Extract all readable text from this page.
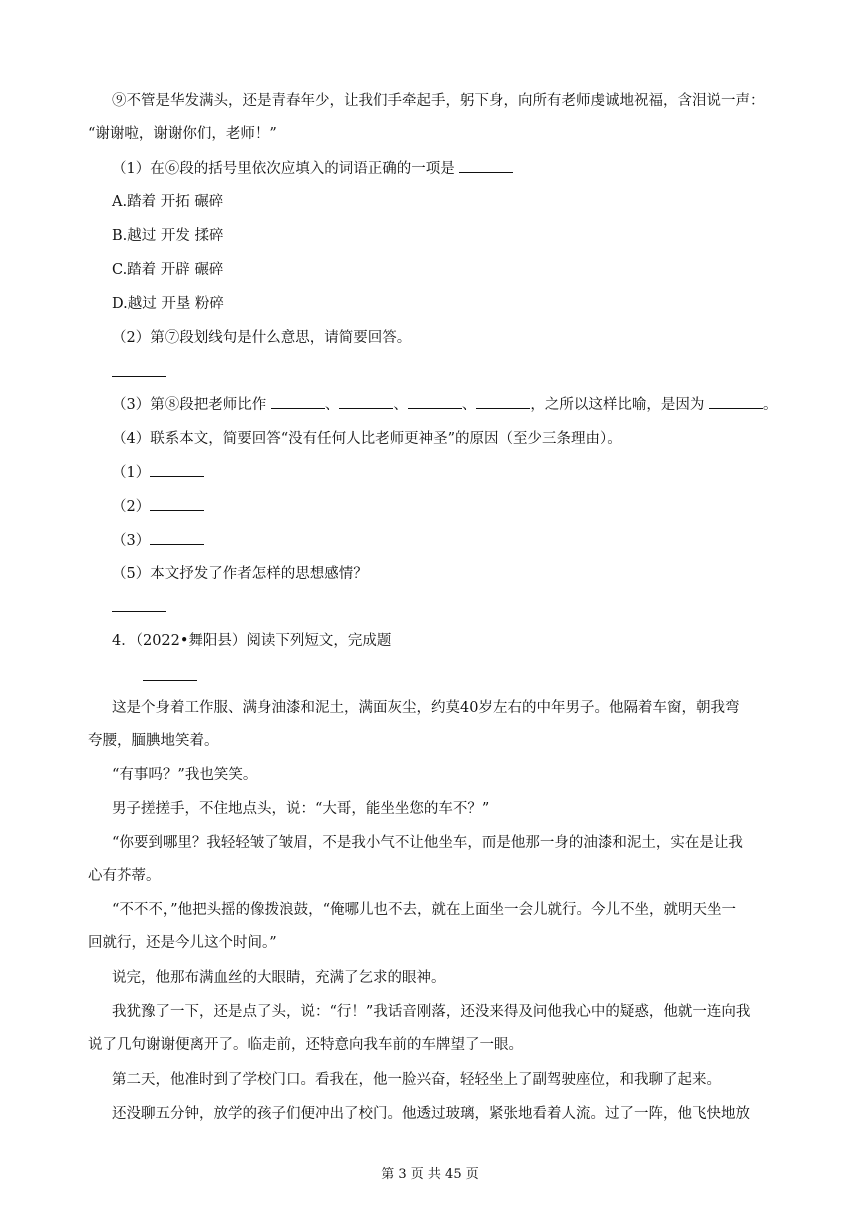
⑨不管是华发满头，还是青春年少，让我们手牵起手，躬下身，向所有老师虔诚地祝福，含泪说一声：
“谢谢啦，谢谢你们，老师！”
（1）在⑥段的括号里依次应填入的词语正确的一项是
A.踏着 开拓 碾碎
B.越过 开发 揉碎
C.踏着 开辟 碾碎
D.越过 开垦 粉碎
（2）第⑦段划线句是什么意思，请简要回答。
（3）第⑧段把老师比作	、	、	、	，之所以这样比喻，是因为	。
（4）联系本文，简要回答“没有任何人比老师更神圣”的原因（至少三条理由）。
（1）
（2）
（3）
（5）本文抒发了作者怎样的思想感情？
4．（2022•舞阳县）阅读下列短文，完成题
这是个身着工作服、满身油漆和泥土，满面灰尘，约莫40岁左右的中年男子。他隔着车窗，朝我弯
夸腰，腼腆地笑着。
“有事吗？”我也笑笑。
男子搓搓手，不住地点头，说：“大哥，能坐坐您的车不？”
“你要到哪里？我轻轻皱了皱眉，不是我小气不让他坐车，而是他那一身的油漆和泥土，实在是让我
心有芥蒂。
“不不不，”他把头摇的像拨浪鼓，“俺哪儿也不去，就在上面坐一会儿就行。今儿不坐，就明天坐一
回就行，还是今儿这个时间。”
说完，他那布满血丝的大眼睛，充满了乞求的眼神。
我犹豫了一下，还是点了头，说：“行！”我话音刚落，还没来得及问他我心中的疑惑，他就一连向我
说了几句谢谢便离开了。临走前，还特意向我车前的车牌望了一眼。
第二天，他准时到了学校门口。看我在，他一脸兴奋，轻轻坐上了副驾驶座位，和我聊了起来。
还没聊五分钟，放学的孩子们便冲出了校门。他透过玻璃，紧张地看着人流。过了一阵，他飞快地放
第 3 页 共 45 页
